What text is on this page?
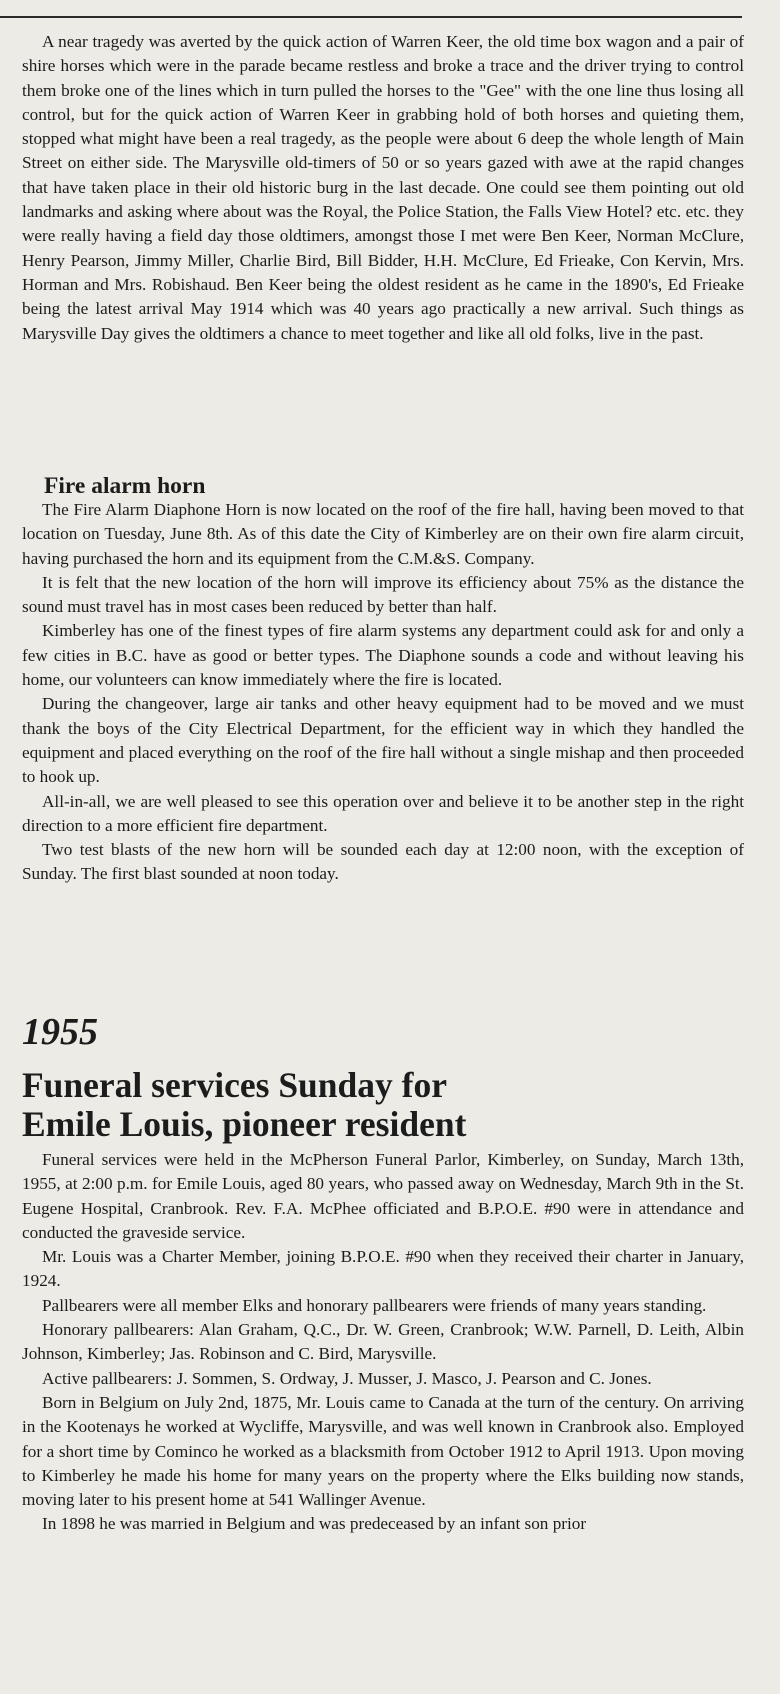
A near tragedy was averted by the quick action of Warren Keer, the old time box wagon and a pair of shire horses which were in the parade became restless and broke a trace and the driver trying to control them broke one of the lines which in turn pulled the horses to the "Gee" with the one line thus losing all control, but for the quick action of Warren Keer in grabbing hold of both horses and quieting them, stopped what might have been a real tragedy, as the people were about 6 deep the whole length of Main Street on either side. The Marysville old-timers of 50 or so years gazed with awe at the rapid changes that have taken place in their old historic burg in the last decade. One could see them pointing out old landmarks and asking where about was the Royal, the Police Station, the Falls View Hotel? etc. etc. they were really having a field day those oldtimers, amongst those I met were Ben Keer, Norman McClure, Henry Pearson, Jimmy Miller, Charlie Bird, Bill Bidder, H.H. McClure, Ed Frieake, Con Kervin, Mrs. Horman and Mrs. Robishaud. Ben Keer being the oldest resident as he came in the 1890's, Ed Frieake being the latest arrival May 1914 which was 40 years ago practically a new arrival. Such things as Marysville Day gives the oldtimers a chance to meet together and like all old folks, live in the past.

Fire alarm horn

The Fire Alarm Diaphone Horn is now located on the roof of the fire hall, having been moved to that location on Tuesday, June 8th. As of this date the City of Kimberley are on their own fire alarm circuit, having purchased the horn and its equipment from the C.M.&S. Company.

It is felt that the new location of the horn will improve its efficiency about 75% as the distance the sound must travel has in most cases been reduced by better than half.

Kimberley has one of the finest types of fire alarm systems any department could ask for and only a few cities in B.C. have as good or better types. The Diaphone sounds a code and without leaving his home, our volunteers can know immediately where the fire is located.

During the changeover, large air tanks and other heavy equipment had to be moved and we must thank the boys of the City Electrical Department, for the efficient way in which they handled the equipment and placed everything on the roof of the fire hall without a single mishap and then proceeded to hook up.

All-in-all, we are well pleased to see this operation over and believe it to be another step in the right direction to a more efficient fire department.

Two test blasts of the new horn will be sounded each day at 12:00 noon, with the exception of Sunday. The first blast sounded at noon today.

1955
Funeral services Sunday for
Emile Louis, pioneer resident

Funeral services were held in the McPherson Funeral Parlor, Kimberley, on Sunday, March 13th, 1955, at 2:00 p.m. for Emile Louis, aged 80 years, who passed away on Wednesday, March 9th in the St. Eugene Hospital, Cranbrook. Rev. F.A. McPhee officiated and B.P.O.E. #90 were in attendance and conducted the graveside service.

Mr. Louis was a Charter Member, joining B.P.O.E. #90 when they received their charter in January, 1924.

Pallbearers were all member Elks and honorary pallbearers were friends of many years standing.

Honorary pallbearers: Alan Graham, Q.C., Dr. W. Green, Cranbrook; W.W. Parnell, D. Leith, Albin Johnson, Kimberley; Jas. Robinson and C. Bird, Marysville.

Active pallbearers: J. Sommen, S. Ordway, J. Musser, J. Masco, J. Pearson and C. Jones.

Born in Belgium on July 2nd, 1875, Mr. Louis came to Canada at the turn of the century. On arriving in the Kootenays he worked at Wycliffe, Marysville, and was well known in Cranbrook also. Employed for a short time by Cominco he worked as a blacksmith from October 1912 to April 1913. Upon moving to Kimberley he made his home for many years on the property where the Elks building now stands, moving later to his present home at 541 Wallinger Avenue.

In 1898 he was married in Belgium and was predeceased by an infant son prior
